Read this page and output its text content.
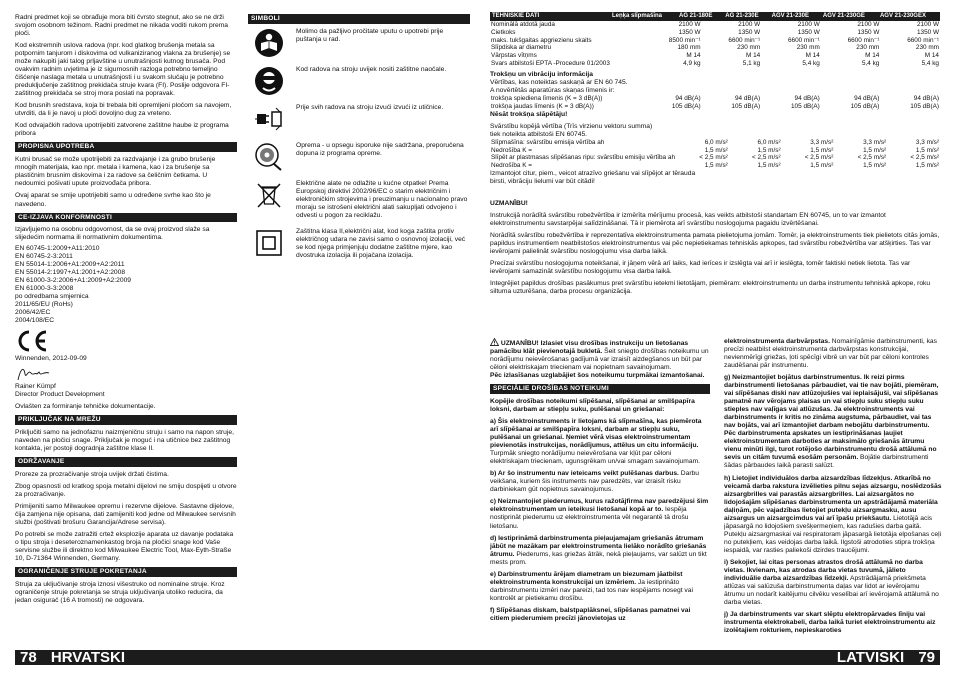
Radni predmet koji se obrađuje mora biti čvrsto stegnut, ako se ne drži svojom osobnom težinom. Radni predmet ne nikada voditi rukom prema ploči.

Kod ekstremnih uslova radova (npr. kod glatkog brušenja metala sa potpornim tanjurom i diskovima od vulkaniziranog vlakna za brušenje) se može nakupiti jaki talog prljavštine u unutrašnjosti kutnog brusača. Pod ovakvim radnim uvjetima je iz sigurnosnih razloga potrebno temeljno čišćenje naslaga metala u unutrašnjosti i u svakom slučaju je potrebno preduključenje zaštitnog prekidača struje kvara (FI). Poslije odgovora FI-zaštitnog prekidača se stroj mora poslati na popravak.

Kod brusnih sredstava, koja bi trebala biti opremljeni pločom sa navojem, utvrditi, da li je navoj u ploči dovoljno dug za vreteno.

Kod odvajačkih radova upotrijebiti zatvorene zaštitne haube iz programa pribora

PROPISNA UPOTREBA

Kutni brusač se može upotrijebiti za razdvajanje i za grubo brušenje mnogih materijala, kao npr. metala i kamena, kao i za brušenje sa plastičnim brusnim diskovima i za radove sa čeličnim četkama. U nedoumici pošivati upute proizvođača pribora.

Ovaj aparat se smije upotrijebiti samo u određene svrhe kao što je navedeno.

CE-IZJAVA KONFORMNOSTI

Izjavljujemo na osobnu odgovornost, da se ovaj proizvod slaže sa slijedećim normama ili normativnim dokumentima.

EN 60745-1:2009+A11:2010
EN 60745-2-3:2011
EN 55014-1:2006+A1:2009+A2:2011
EN 55014-2:1997+A1:2001+A2:2008
EN 61000-3-2:2006+A1:2009+A2:2009
EN 61000-3-3:2008
po odredbama smjernica
2011/65/EU (RoHs)
2006/42/EC
2004/108/EC

Winnenden, 2012-09-09

Rainer Kümpf
Director Product Development

Ovlašten za formiranje tehničke dokumentacije.

PRIKLJUČAK NA MREŽU

Priključiti samo na jednofaznu naizmjeničnu struju i samo na napon struje, naveden na pločici snage. Priključak je moguć i na utičnice bez zaštitnog kontakta, jer postoji dogradnja zaštitne klase II.

ODRŽAVANJE

Proreze za prozračivanje stroja uvijek držati čistima.

Zbog opasnosti od kratkog spoja metalni dijelovi ne smiju dospijeti u otvore za prozračivanje.

Primijeniti samo Milwaukee opremu i rezervne dijelove. Sastavne dijelove, čija zamjena nije opisana, dati zamijeniti kod jedne od Milwaukee servisnih službi (poštivati brošuru Garancija/Adrese servisa).

Po potrebi se može zatražiti crtež eksplozije aparata uz davanje podataka o tipu stroja i deseteroznamenkastog broja na pločici snage kod Vaše servisne službe ili direktno kod Milwaukee Electric Tool, Max-Eyth-Straße 10, D-71364 Winnenden, Germany.

OGRANIČENJE STRUJE POKRETANJA

Struja za uključivanje stroja iznosi višestruko od nominalne struje. Kroz ograničenje struje pokretanja se struja uključivanja utoliko reducira, da jedan osigurač (16 A tromosti) ne odgovara.

SIMBOLI
Molimo da pažljivo pročitate uputu o upotrebi prije puštanja u rad.
Kod radova na stroju uvijek nositi zaštitne naočale.
Prije svih radova na stroju izvući izvući iz utičnice.
Oprema - u opsegu isporuke nije sadržana, preporučena dopuna iz programa opreme.
Električne alate ne odlažite u kućne otpatke! Prema Europskoj direktivi 2002/96/EC o starim električnim i elektroničkim strojevima i preuzimanju u nacionalno pravo moraju se istrošeni električni alati sakupljati odvojeno i odvesti u pogon za reciklažu.
Zaštitna klasa II,električni alat, kod koga zaštita protiv električnog udara ne zavisi samo o osnovnoj izolaciji, već se kod njega primjenjuju dodatne zaštitne mjere, kao dvostruka izolacija ili pojačana izolacija.
78 HRVATSKI
TEHNISKIE DATI	Leņķa slīpmašīna	AG 21-180E	AG 21-230E	AGV 21-230E	AGV 21-230GE	AGV 21-230GEX
Nominālā atdotā jauda	2100 W	2100 W	2100 W	2100 W	2100 W
Cietkoks	1350 W	1350 W	1350 W	1350 W	1350 W
maks. tukšgaitas apgriezienu skaits	8500 min⁻¹	6600 min⁻¹	6600 min⁻¹	6600 min⁻¹	6600 min⁻¹
Slīpdiska ar diametru	180 mm	230 mm	230 mm	230 mm	230 mm
Vārpstas vītņms	M 14	M 14	M 14	M 14	M 14
Svars atbilstoši EPTA -Procedure 01/2003	4,9 kg	5,1 kg	5,4 kg	5,4 kg	5,4 kg
Trokšņu un vibrāciju informācija
Vērtības, kas noteiktas saskaņā ar EN 60 745.
A novērtētās aparatūras skaņas līmenis ir:
trokšņa spiediena līmenis (K = 3 dB(A))	94 dB(A)	94 dB(A)	94 dB(A)	94 dB(A)	94 dB(A)
trokšņa jaudas līmenis (K = 3 dB(A))	105 dB(A)	105 dB(A)	105 dB(A)	105 dB(A)	105 dB(A)
Nēsāt trokšņa slāpētāju!
Svārstību kopējā vērtība (Trīs virzienu vektoru summa)
tiek noteikta atbilstoši EN 60745.
Slīpmašīna: svārstību emisija vērtība ah	6,0 m/s²	6,0 m/s²	3,3 m/s²	3,3 m/s²	3,3 m/s²
Nedrošība K =	1,5 m/s²	1,5 m/s²	1,5 m/s²	1,5 m/s²	1,5 m/s²
Slīpēt ar plastmasas slīpēšanas ripu: svārstību emisiju vērtība ah	< 2,5 m/s²	< 2,5 m/s²	< 2,5 m/s²	< 2,5 m/s²	< 2,5 m/s²
Nedrošība K =	1,5 m/s²	1,5 m/s²	1,5 m/s²	1,5 m/s²	1,5 m/s²
Izmantojot citur, piem., veicot atrazīvo griešanu vai slīpējot ar tērauda birsti, vibrāciju lielumi var būt citādi!
UZMANĪBU!

Instrukcijā norādītā svārstību robežvērtība ir izmērīta mērījumu procesā, kas veikts atbilstoši standartam EN 60745, un to var izmantot elektroinstrumentu savstarpējai salīdzināšanai. Tā ir piemērota arī svārstību noslogojuma pagaidu izvērtēšanai.

Norādītā svārstību robežvērtība ir reprezentatīva elektroinstrumenta pamata pielietojuma jomām. Tomēr, ja elektroinstruments tiek pielietots citās jomās, papildus instrumentiem neatbilstošos elektroinstrumentus vai pēc nepietiekamas tehniskās apkopes, tad svārstību robežvērtība var atšķirties. Tas var ievērojami palielināt svārstību noslogojumu visa darba laikā.

Precīzai svārstību noslogojuma noteikšanai, ir jāņem vērā arī laiks, kad ierīces ir izslēgta vai arī ir ieslēgta, tomēr faktiski netiek lietota. Tas var ievērojami samazināt svārstību noslogojumu visa darba laikā.

Integrējiet papildus drošības pasākumus pret svārstību ietekmi lietotājam, piemēram: elektroinstrumentu un darba instrumentu tehniskā apkope, roku siltuma uzturēšana, darba procesu organizācija.

UZMANĪBU! Izlasiet visu drošības instrukciju un lietošanas pamācību klāt pievienotajā bukletā. Šeit sniegto drošības noteikumu un norādījumu neievērošanas gadījumā var izraisīt aizdegšanos un būt par cēloni elektriskajam triecienam vai nopietnam savainojumam.
Pēc izlasīšanas uzglabājiet šos noteikumu turpmākai izmantošanai.

SPECIĀLIE DROŠĪBAS NOTEIKUMI

Kopējie drošības noteikumi slīpēšanai, slīpēšanai ar smilšpapīra loksni, darbam ar stiepļu suku, pulēšanai un griešanai:

a) Šis elektroinstruments ir lietojams kā slīpmašīna, kas piemērota arī slīpēšanai ar smilšpapīra loksni, darbam ar stiepļu suku, pulēšanai un griešanai. Ņemiet vērā visas elektroinstrumentam pievienotās instrukcijas, norādījumus, attēlus un citu informāciju. Turpmāk sniegto norādījumu neievērošana var kļūt par cēloni elektriskajam triecienam, ugunsgrēkam un/vai smagam savainojumam.

b) Ar šo instrumentu nav ieteicams veikt pulēšanas darbus. Darbu veikšana, kuriem šis instruments nav paredzēts, var izraisīt risku darbiniekam gūt nopietnus savainojumus.

c) Neizmantojiet piederumus, kurus ražotājfirma nav paredzējusi šim elektroinstrumentam un ieteikusi lietošanai kopā ar to. Iespēja nostiprināt piederumu uz elektroinstrumenta vēl negarantē tā drošu lietošanu.

d) Iestiprināmā darbinstrumenta pieļaujamajam griešanās ātrumam jābūt ne mazākam par elektroinstrumenta lielāko norādīto griešanās ātrumu. Piederums, kas griežas ātrāk, nekā pieļaujams, var salūzt un tikt mests prom.

e) Darbinstrumentu ārējam diametram un biezumam jāatbilst elektroinstrumenta konstrukcijai un izmēriem. Ja iestiprināto darbinstrumentu izmēri nav pareizi, tad tos nav iespējams nosegt vai kontrolēt ar pietiekamu drošību.

f) Slīpēšanas diskam, balstpaplāksnei, slīpēšanas pamatnei vai citiem piederumiem precīzi jānovietojas uz

elektroinstrumenta darbvārpstas. Nomainīgāmie darbinstrumenti, kas precīzi neatbilst elektroinstrumenta darbvārpstas konstrukcijai, nevienmērīgi griežas, ļoti spēcīgi vibrē un var būt par cēloni kontroles zaudēšanai pār instrumentu.

g) Neizmantojiet bojātus darbinstrumentus. Ik reizi pirms darbinstrumenti lietošanas pārbaudiet, vai tie nav bojāti, piemēram, vai slīpēšanas diski nav atlūzojušies vai ieplaisājuši, vai slīpēšanas pamatnē nav vērojams plaisas un vai stiepļu suku stiepļu suku stieples nav vaļīgas vai atlūzušas. Ja elektroinstruments vai darbinstruments ir kritis no zināma augstuma, pārbaudiet, vai tas nav bojāts, vai arī izmantojiet darbam nebojātu darbinstrumentu. Pēc darbinstrumenta apskates un iestiprināšanas ļaujiet elektroinstrumentam darboties ar maksimālo griešanās ātrumu vienu minūti ilgi, turot rotējošo darbinstrumentu drošā attālumā no sevis un citām tuvumā esošām personām. Bojātie darbinstrumenti šādas pārbaudes laikā parasti salūzt.

h) Lietojiet individuālos darba aizsardzības līdzekļus. Atkarībā no veicamā darba rakstura izvēlieties pilnu sejas aizsargu, noslēdzošās aizsargbrilles vai parastās aizsargbrilles. Lai aizsargātos no lidojošajām slīpēšanas darbinstrumenta un apstrādājamā materiāla daļiņām, pēc vajadzības lietojiet putekļu aizsargmasku, ausu aizsargus un aizsargcimdus vai arī īpašu priekšautu. Lietotājā acis jāpasargā no lidojošiem svešķermeņiem, kas radušies darba gaitā. Putekļu aizsargmaskai vai respiratoram jāpasargā lietotāja elpošanas ceļi no putekļiem, kas veidojas darba laikā. Ilgstoši atrodoties stipra trokšņa iespaidā, var rasties paliekoši dzirdes traucējumi.

i) Sekojiet, lai citas personas atrastos drošā attālumā no darba vietas. Ikvienam, kas atrodas darba vietas tuvumā, jālieto individuālie darba aizsardzības līdzekļi. Apstrādājamā priekšmeta atlūzas vai salūzuša darbinstrumenta daļas var lidot ar ievērojamu ātrumu un nodarīt kaitējumu cilvēku veselībai arī ievērojamā attālumā no darba vietas.

j) Ja darbinstruments var skart slēptu elektropārvades līniju vai instrumenta elektrokabeli, darba laikā turiet elektroinstrumentu aiz izolētajiem rokturiem, nepieskaroties

LATVISKI 79
